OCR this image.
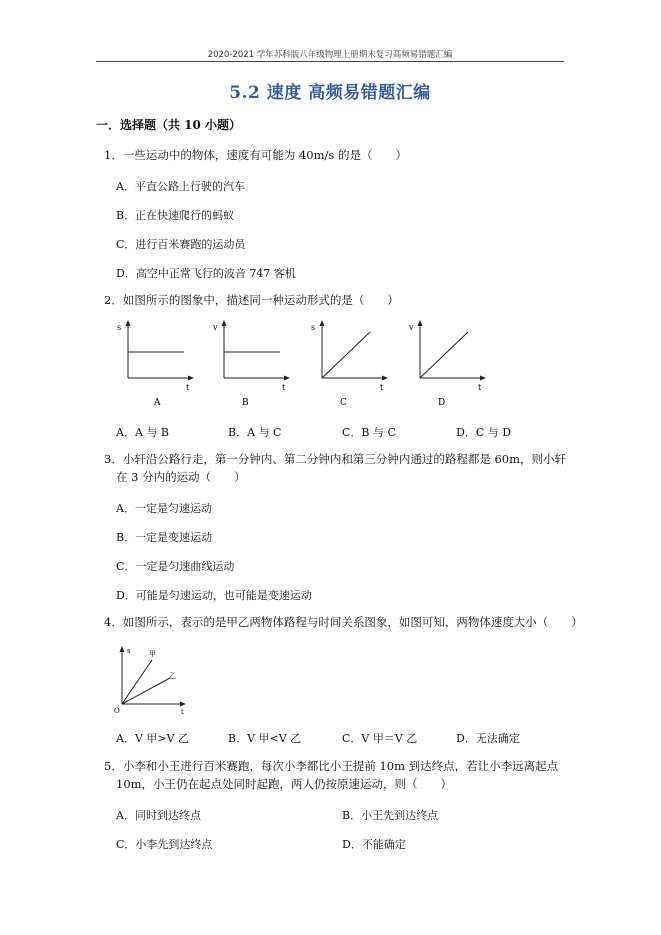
2020-2021 学年苏科版八年级物理上册期末复习高频易错题汇编
5.2 速度 高频易错题汇编
一．选择题（共 10 小题）
1．一些运动中的物体，速度有可能为 40m/s 的是（　　）
A．平直公路上行驶的汽车
B．正在快速爬行的蚂蚁
C．进行百米赛跑的运动员
D．高空中正常飞行的波音 747 客机
2．如图所示的图象中，描述同一种运动形式的是（　　）
s
t
A
v
t
B
s
t
C
v
t
D
A．A 与 B	B．A 与 C	C．B 与 C	D．C 与 D
3．小轩沿公路行走，第一分钟内、第二分钟内和第三分钟内通过的路程都是 60m，则小轩
在 3 分内的运动（　　）
A．一定是匀速运动
B．一定是变速运动
C．一定是匀速曲线运动
D．可能是匀速运动，也可能是变速运动
4．如图所示，表示的是甲乙两物体路程与时间关系图象，如图可知，两物体速度大小（　　）
s
t
O
甲
乙
A．V 甲>V 乙	B．V 甲<V 乙	C．V 甲＝V 乙	D．无法确定
5．小李和小王进行百米赛跑，每次小李都比小王提前 10m 到达终点，若让小李远离起点
10m，小王仍在起点处同时起跑，两人仍按原速运动，则（　　）
A．同时到达终点	B．小王先到达终点
C．小李先到达终点	D．不能确定
